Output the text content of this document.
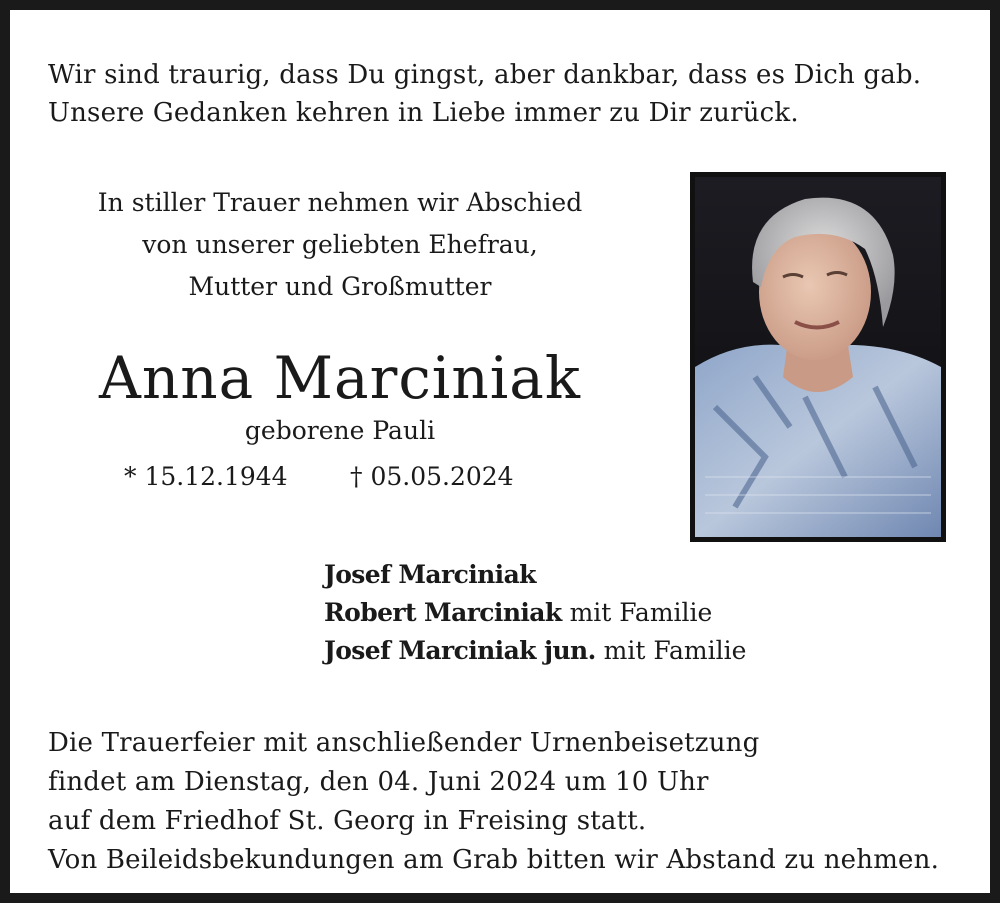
Wir sind traurig, dass Du gingst, aber dankbar, dass es Dich gab.
Unsere Gedanken kehren in Liebe immer zu Dir zurück.
In stiller Trauer nehmen wir Abschied
von unserer geliebten Ehefrau,
Mutter und Großmutter
Anna Marciniak
geborene Pauli
* 15.12.1944 † 05.05.2024
Josef Marciniak
Robert Marciniak mit Familie
Josef Marciniak jun. mit Familie
Die Trauerfeier mit anschließender Urnenbeisetzung
findet am Dienstag, den 04. Juni 2024 um 10 Uhr
auf dem Friedhof St. Georg in Freising statt.
Von Beileidsbekundungen am Grab bitten wir Abstand zu nehmen.
